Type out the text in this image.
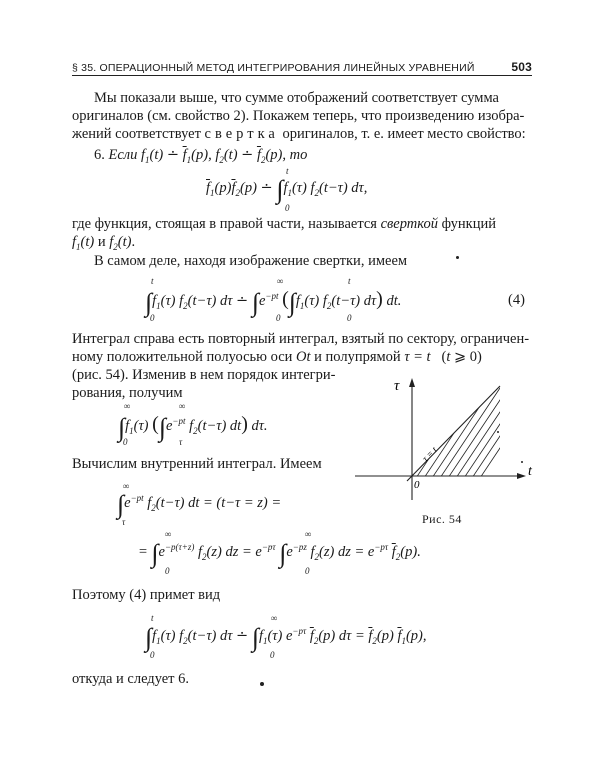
§ 35. ОПЕРАЦИОННЫЙ МЕТОД ИНТЕГРИРОВАНИЯ ЛИНЕЙНЫХ УРАВНЕНИЙ	503
Мы показали выше, что сумме отображений соответствует сумма
оригиналов (см. свойство 2). Покажем теперь, что произведению изобра-
жений соответствует свертка оригиналов, т. е. имеет место свойство:
6. Если $f_1(t)$ ∸ $\overline{f}_1(p)$, $f_2(t)$ ∸ $\overline{f}_2(p)$, то
t
$\overline{f}_1(p)\overline{f}_2(p)$ ∸ $\int f_1(\tau)$ $f_2(t-\tau)$ dτ,
0
где функция, стоящая в правой части, называется сверткой функций
$f_1(t)$ и $f_2(t)$.
В самом деле, находя изображение свертки, имеем
t	∞	t
$\int f_1(\tau)$ $f_2(t-\tau)$ dτ ∸ $\int e^{-pt}$ ($\int f_1(\tau)$ $f_2(t-\tau)$ dτ) dt.
0	0	0
(4)
Интеграл справа есть повторный интеграл, взятый по сектору, ограничен-
ному положительной полуосью оси Ot и полупрямой τ = t   (t ⩾ 0)
(рис. 54). Изменив в нем порядок интегри-
рования, получим
∞	∞
$\int f_1(\tau)$ ($\int e^{-pt}$ $f_2(t-\tau)$ dt) dτ.
0	τ
Вычислим внутренний интеграл. Имеем
∞
$\int e^{-pt}$ $f_2(t-\tau)$ dt = (t−τ = z) =
τ
∞	∞
= $\int e^{-p(\tau+z)}$ $f_2(z)$ dz = $e^{-p\tau}$ $\int e^{-pz}$ $f_2(z)$ dz = $e^{-p\tau}$ $\overline{f}_2(p)$.
0	0
Поэтому (4) примет вид
t	∞
$\int f_1(\tau)$ $f_2(t-\tau)$ dτ ∸ $\int f_1(\tau)$ $e^{-p\tau}$ $\overline{f}_2(p) d\tau = \overline{f}_2(p)$ $\overline{f}_1(p)$,
0	0
откуда и следует 6.
τ
t
0
τ = t
Рис. 54
